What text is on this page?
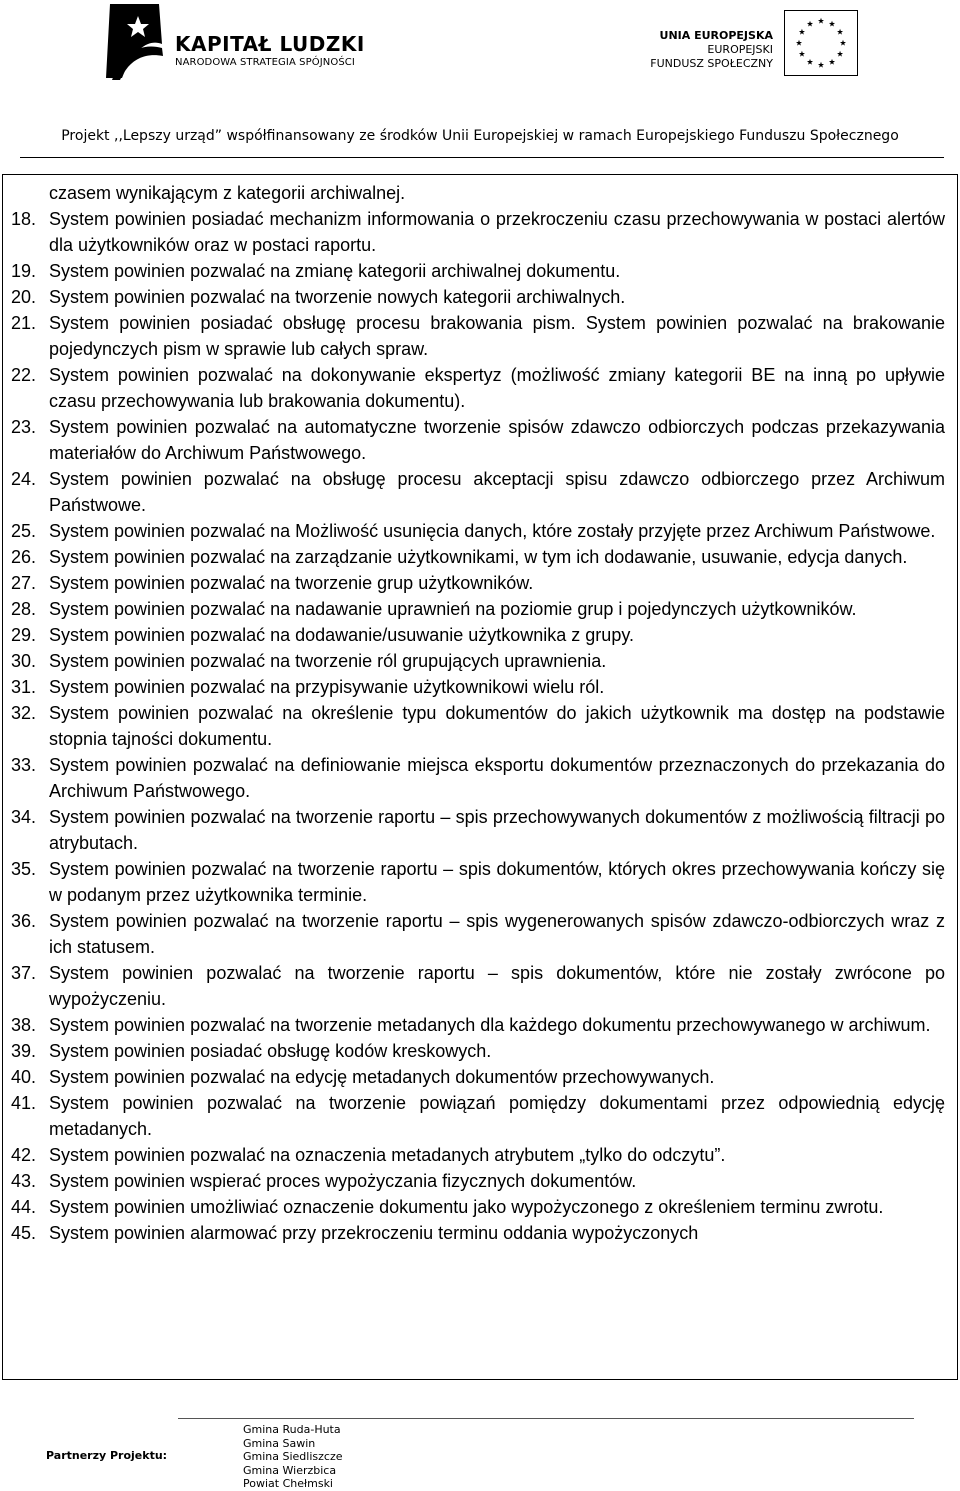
KAPITAŁ LUDZKI
NARODOWA STRATEGIA SPÓJNOŚCI
UNIA EUROPEJSKA
EUROPEJSKI
FUNDUSZ SPOŁECZNY
Projekt ,,Lepszy urząd” współfinansowany ze środków Unii Europejskiej w ramach Europejskiego Funduszu Społecznego
czasem wynikającym z kategorii archiwalnej.
18. System powinien posiadać mechanizm informowania o przekroczeniu czasu przechowywania w postaci alertów dla użytkowników oraz w postaci raportu.
19. System powinien pozwalać na zmianę kategorii archiwalnej dokumentu.
20. System powinien pozwalać na tworzenie nowych kategorii archiwalnych.
21. System powinien posiadać obsługę procesu brakowania pism. System powinien pozwalać na brakowanie pojedynczych pism w sprawie lub całych spraw.
22. System powinien pozwalać na dokonywanie ekspertyz (możliwość zmiany kategorii BE na inną po upływie czasu przechowywania lub brakowania dokumentu).
23. System powinien pozwalać na automatyczne tworzenie spisów zdawczo odbiorczych podczas przekazywania materiałów do Archiwum Państwowego.
24. System powinien pozwalać na obsługę procesu akceptacji spisu zdawczo odbiorczego przez Archiwum Państwowe.
25. System powinien pozwalać na Możliwość usunięcia danych, które zostały przyjęte przez Archiwum Państwowe.
26. System powinien pozwalać na zarządzanie użytkownikami, w tym ich dodawanie, usuwanie, edycja danych.
27. System powinien pozwalać na tworzenie grup użytkowników.
28. System powinien pozwalać na nadawanie uprawnień na poziomie grup i pojedynczych użytkowników.
29. System powinien pozwalać na dodawanie/usuwanie użytkownika z grupy.
30. System powinien pozwalać na tworzenie ról grupujących uprawnienia.
31. System powinien pozwalać na przypisywanie użytkownikowi wielu ról.
32. System powinien pozwalać na określenie typu dokumentów do jakich użytkownik ma dostęp na podstawie stopnia tajności dokumentu.
33. System powinien pozwalać na definiowanie miejsca eksportu dokumentów przeznaczonych do przekazania do Archiwum Państwowego.
34. System powinien pozwalać na tworzenie raportu – spis przechowywanych dokumentów z możliwością filtracji po atrybutach.
35. System powinien pozwalać na tworzenie raportu – spis dokumentów, których okres przechowywania kończy się w podanym przez użytkownika terminie.
36. System powinien pozwalać na tworzenie raportu – spis wygenerowanych spisów zdawczo-odbiorczych wraz z ich statusem.
37. System powinien pozwalać na tworzenie raportu – spis dokumentów, które nie zostały zwrócone po wypożyczeniu.
38. System powinien pozwalać na tworzenie metadanych dla każdego dokumentu przechowywanego w archiwum.
39. System powinien posiadać obsługę kodów kreskowych.
40. System powinien pozwalać na edycję metadanych dokumentów przechowywanych.
41. System powinien pozwalać na tworzenie powiązań pomiędzy dokumentami przez odpowiednią edycję metadanych.
42. System powinien pozwalać na oznaczenia metadanych atrybutem „tylko do odczytu”.
43. System powinien wspierać proces wypożyczania fizycznych dokumentów.
44. System powinien umożliwiać oznaczenie dokumentu jako wypożyczonego z określeniem terminu zwrotu.
45. System powinien alarmować przy przekroczeniu terminu oddania wypożyczonych
Partnerzy Projektu:
Gmina Ruda-Huta
Gmina Sawin
Gmina Siedliszcze
Gmina Wierzbica
Powiat Chełmski
